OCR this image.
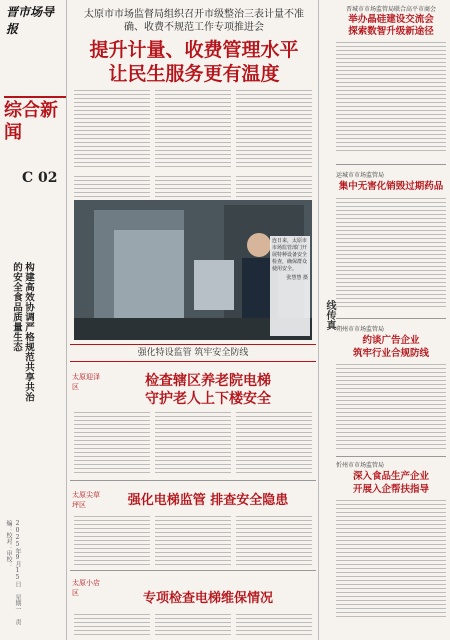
晋市场导报
综合新闻
C 02
构建高效协调严格规范共享共治的安全食品质量生态
2025年9月15日 星期一 责编：校对：审校：
太原市市场监督局组织召开市级整治三表计量不准确、收费不规范工作专项推进会
提升计量、收费管理水平
让民生服务更有温度
连日来，太原市市场监管部门开展特种设备安全检查，确保群众使用安全。
张慧慧 摄
强化特设监管 筑牢安全防线
太原迎泽区	检查辖区养老院电梯
守护老人上下楼安全
太原尖草坪区	强化电梯监管 排查安全隐患
太原小店区	专项检查电梯维保情况
线传真
晋城市市场监管局联合高平市商会
举办晶硅建设交流会
探索数智升级新途径
运城市市场监管局
集中无害化销毁过期药品
朔州市市场监管局
约谈广告企业
筑牢行业合规防线
忻州市市场监管局
深入食品生产企业
开展入企帮扶指导
